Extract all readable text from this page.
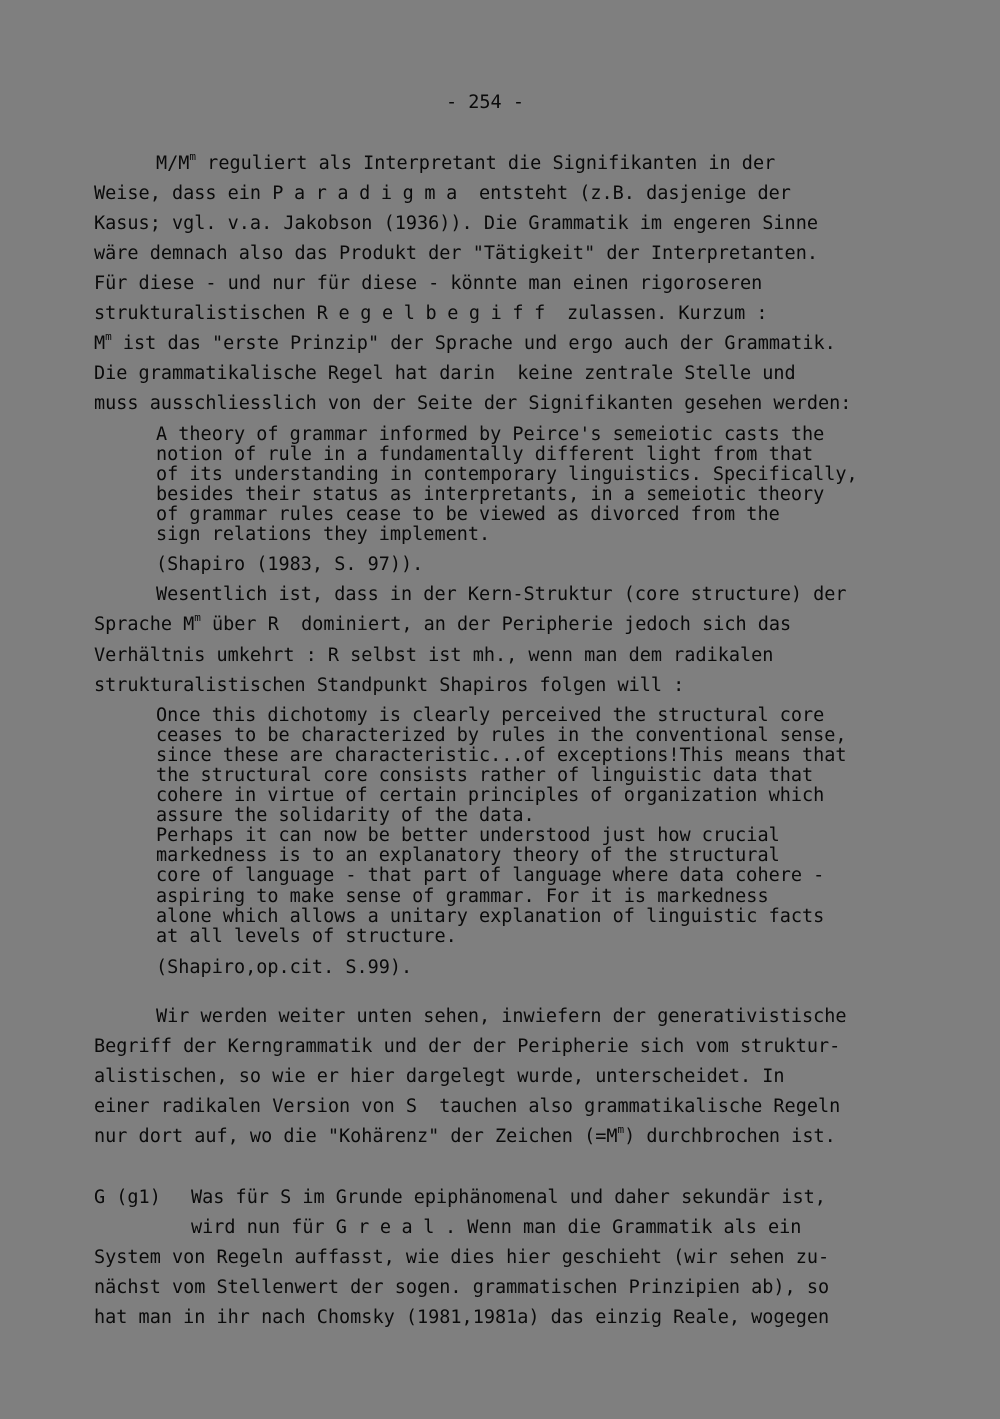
- 254 -
$M/M^m$ reguliert als Interpretant die Signifikanten in der
Weise, dass ein Paradigma entsteht (z.B. dasjenige der
Kasus; vgl. v.a. Jakobson (1936)). Die Grammatik im engeren Sinne
wäre demnach also das Produkt der "Tätigkeit" der Interpretanten.
Für diese - und nur für diese - könnte man einen rigoroseren
strukturalistischen Regelbegiff zulassen. Kurzum :
$M^m$ ist das "erste Prinzip" der Sprache und ergo auch der Grammatik.
Die grammatikalische Regel hat darin  keine zentrale Stelle und
muss ausschliesslich von der Seite der Signifikanten gesehen werden:
A theory of grammar informed by Peirce's semeiotic casts the
notion of rule in a fundamentally different light from that
of its understanding in contemporary linguistics. Specifically,
besides their status as interpretants, in a semeiotic theory
of grammar rules cease to be viewed as divorced from the
sign relations they implement.
(Shapiro (1983, S. 97)).
Wesentlich ist, dass in der Kern-Struktur (core structure) der
Sprache $M^m$ über R  dominiert, an der Peripherie jedoch sich das
Verhältnis umkehrt : R selbst ist mh., wenn man dem radikalen
strukturalistischen Standpunkt Shapiros folgen will :
Once this dichotomy is clearly perceived the structural core
ceases to be characterized by rules in the conventional sense,
since these are characteristic...of exceptions!This means that
the structural core consists rather of linguistic data that
cohere in virtue of certain principles of organization which
assure the solidarity of the data.
Perhaps it can now be better understood just how crucial
markedness is to an explanatory theory of the structural
core of language - that part of language where data cohere -
aspiring to make sense of grammar. For it is markedness
alone which allows a unitary explanation of linguistic facts
at all levels of structure.
(Shapiro,op.cit. S.99).
Wir werden weiter unten sehen, inwiefern der generativistische
Begriff der Kerngrammatik und der der Peripherie sich vom struktur-
alistischen, so wie er hier dargelegt wurde, unterscheidet. In
einer radikalen Version von S  tauchen also grammatikalische Regeln
nur dort auf, wo die "Kohärenz" der Zeichen $(=M^m)$ durchbrochen ist.
G (g1) Was für S im Grunde epiphänomenal und daher sekundär ist,
wird nun für G real. Wenn man die Grammatik als ein
System von Regeln auffasst, wie dies hier geschieht (wir sehen zu-
nächst vom Stellenwert der sogen. grammatischen Prinzipien ab), so
hat man in ihr nach Chomsky (1981,1981a) das einzig Reale, wogegen
